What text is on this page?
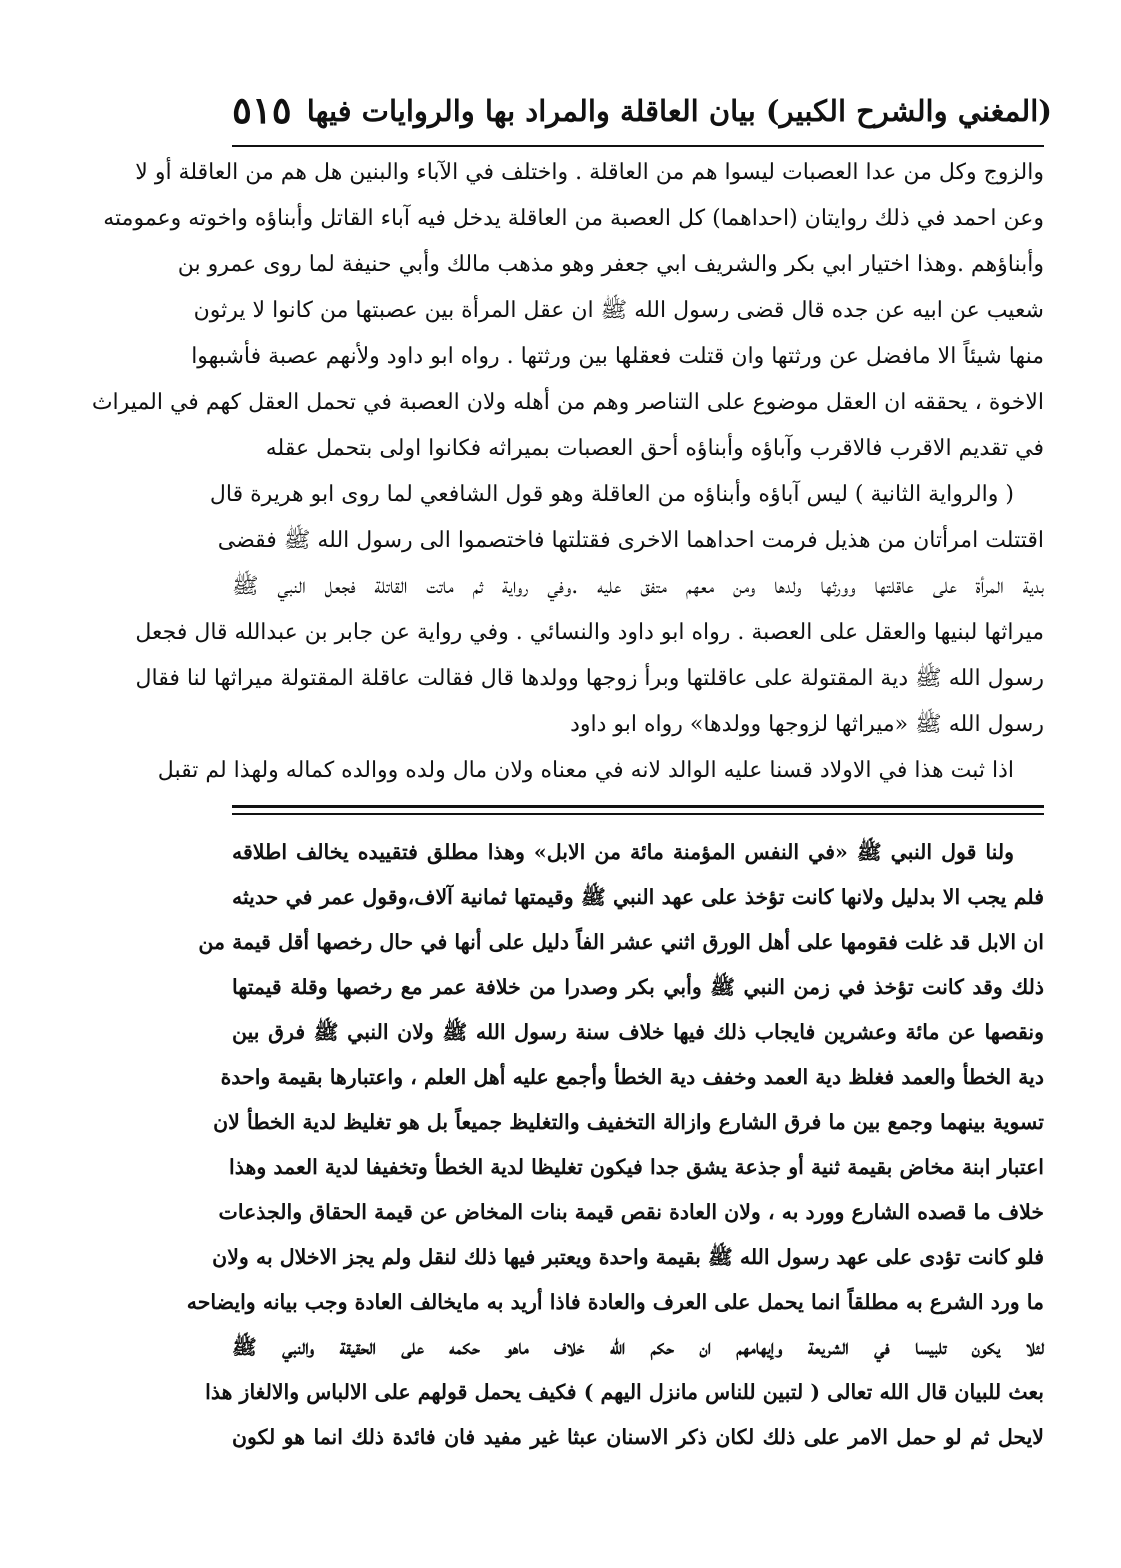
(المغني والشرح الكبير) بيان العاقلة والمراد بها والروايات فيها
٥١٥
والزوج وكل من عدا العصبات ليسوا هم من العاقلة . واختلف في الآباء والبنين هل هم من العاقلة أو لا
وعن احمد في ذلك روايتان (احداهما) كل العصبة من العاقلة يدخل فيه آباء القاتل وأبناؤه واخوته وعمومته
وأبناؤهم .وهذا اختيار ابي بكر والشريف ابي جعفر وهو مذهب مالك وأبي حنيفة لما روى عمرو بن
شعيب عن ابيه عن جده قال قضى رسول الله ﷺ ان عقل المرأة بين عصبتها من كانوا لا يرثون
منها شيئاً الا مافضل عن ورثتها وان قتلت فعقلها بين ورثتها . رواه ابو داود ولأنهم عصبة فأشبهوا
الاخوة ، يحققه ان العقل موضوع على التناصر وهم من أهله ولان العصبة في تحمل العقل كهم في الميراث
في تقديم الاقرب فالاقرب وآباؤه وأبناؤه أحق العصبات بميراثه فكانوا اولى بتحمل عقله
( والرواية الثانية ) ليس آباؤه وأبناؤه من العاقلة وهو قول الشافعي لما روى ابو هريرة قال
اقتتلت امرأتان من هذيل فرمت احداهما الاخرى فقتلتها فاختصموا الى رسول الله ﷺ فقضى
بدية المرأة على عاقلتها وورثها ولدها ومن معهم متفق عليه .وفي رواية ثم ماتت القاتلة فجعل النبي ﷺ
ميراثها لبنيها والعقل على العصبة . رواه ابو داود والنسائي . وفي رواية عن جابر بن عبدالله قال فجعل
رسول الله ﷺ دية المقتولة على عاقلتها وبرأ زوجها وولدها قال فقالت عاقلة المقتولة ميراثها لنا فقال
رسول الله ﷺ «ميراثها لزوجها وولدها» رواه ابو داود
اذا ثبت هذا في الاولاد قسنا عليه الوالد لانه في معناه ولان مال ولده ووالده كماله ولهذا لم تقبل
ولنا قول النبي ﷺ «في النفس المؤمنة مائة من الابل» وهذا مطلق فتقييده يخالف اطلاقه
فلم يجب الا بدليل ولانها كانت تؤخذ على عهد النبي ﷺ وقيمتها ثمانية آلاف،وقول عمر في حديثه
ان الابل قد غلت فقومها على أهل الورق اثني عشر الفاً دليل على أنها في حال رخصها أقل قيمة من
ذلك وقد كانت تؤخذ في زمن النبي ﷺ وأبي بكر وصدرا من خلافة عمر مع رخصها وقلة قيمتها
ونقصها عن مائة وعشرين فايجاب ذلك فيها خلاف سنة رسول الله ﷺ ولان النبي ﷺ فرق بين
دية الخطأ والعمد فغلظ دية العمد وخفف دية الخطأ وأجمع عليه أهل العلم ، واعتبارها بقيمة واحدة
تسوية بينهما وجمع بين ما فرق الشارع وازالة التخفيف والتغليظ جميعاً بل هو تغليظ لدية الخطأ لان
اعتبار ابنة مخاض بقيمة ثنية أو جذعة يشق جدا فيكون تغليظا لدية الخطأ وتخفيفا لدية العمد وهذا
خلاف ما قصده الشارع وورد به ، ولان العادة نقص قيمة بنات المخاض عن قيمة الحقاق والجذعات
فلو كانت تؤدى على عهد رسول الله ﷺ بقيمة واحدة ويعتبر فيها ذلك لنقل ولم يجز الاخلال به ولان
ما ورد الشرع به مطلقاً انما يحمل على العرف والعادة فاذا أريد به مايخالف العادة وجب بيانه وايضاحه
لئلا يكون تلبيسا في الشريعة وإيهامهم ان حكم الله خلاف ماهو حكمه على الحقيقة والنبي ﷺ
بعث للبيان قال الله تعالى ( لتبين للناس مانزل اليهم ) فكيف يحمل قولهم على الالباس والالغاز هذا
لايحل ثم لو حمل الامر على ذلك لكان ذكر الاسنان عبثا غير مفيد فان فائدة ذلك انما هو لكون
